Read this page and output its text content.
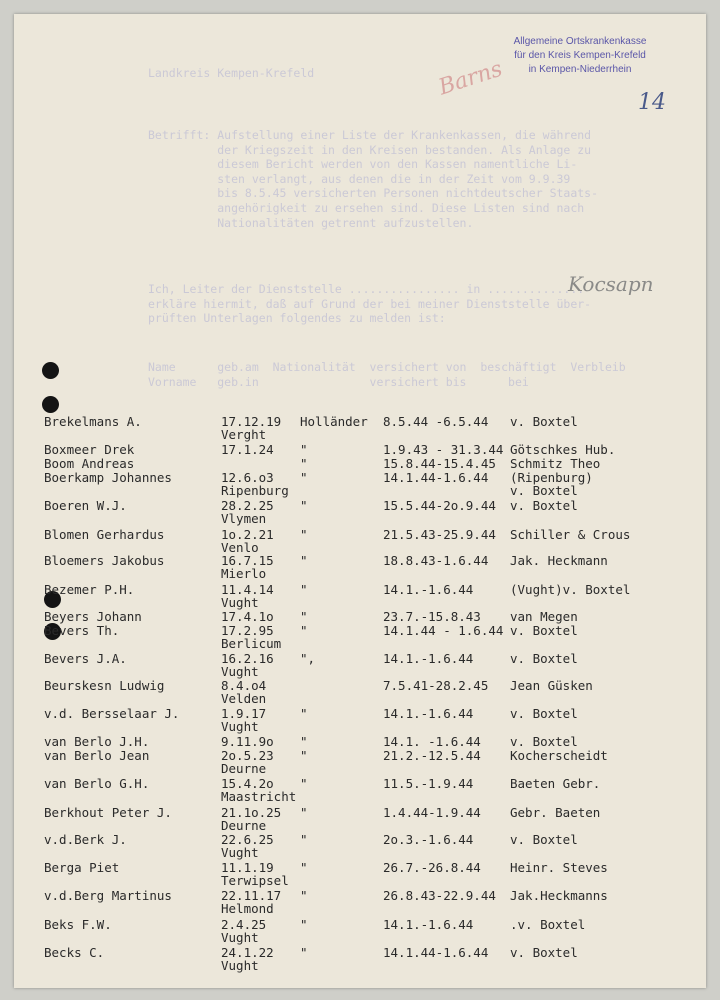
Allgemeine Ortskrankenkasse
für den Kreis Kempen-Krefeld
in Kempen-Niederrhein
14
Barns
Kocsapn
Landkreis Kempen-Krefeld
Betrifft: Aufstellung einer Liste der Krankenkassen, die während
der Kriegszeit in den Kreisen bestanden. Als Anlage zu
diesem Bericht werden von den Kassen namentliche Li-
sten verlangt, aus denen die in der Zeit vom 9.9.39
bis 8.5.45 versicherten Personen nichtdeutscher Staats-
angehörigkeit zu ersehen sind. Diese Listen sind nach
Nationalitäten getrennt aufzustellen.
Ich, Leiter der Dienststelle ................ in ..............
erkläre hiermit, daß auf Grund der bei meiner Dienststelle über-
prüften Unterlagen folgendes zu melden ist:
Name      geb.am  Nationalität  versichert von  beschäftigt  Verbleib
Vorname   geb.in                versichert bis      bei
Brekelmans A.	17.12.19
Verght
Holländer 8.5.44 -6.5.44 v. Boxtel
Boxmeer Drek	17.1.24 "	1.9.43 - 31.3.44 Götschkes Hub.
Boom Andreas	"	15.8.44-15.4.45 Schmitz Theo
Boerkamp Johannes	12.6.o3
Ripenburg
"	14.1.44-1.6.44 (Ripenburg)
v. Boxtel
Boeren W.J.	28.2.25
Vlymen
"	15.5.44-2o.9.44 v. Boxtel
Blomen Gerhardus	1o.2.21
Venlo
"	21.5.43-25.9.44 Schiller & Crous
Bloemers Jakobus	16.7.15
Mierlo
"	18.8.43-1.6.44 Jak. Heckmann
Bezemer P.H.	11.4.14
Vught
"	14.1.-1.6.44	(Vught)v. Boxtel
Beyers Johann	17.4.1o "	23.7.-15.8.43 van Megen
Bevers Th.	17.2.95
Berlicum
"	14.1.44 - 1.6.44 v. Boxtel
Bevers J.A.	16.2.16
Vught
",	14.1.-1.6.44	v. Boxtel
Beurskesn Ludwig	8.4.o4
Velden
7.5.41-28.2.45 Jean Güsken
v.d. Bersselaar J.	1.9.17
Vught
"	14.1.-1.6.44	v. Boxtel
van Berlo J.H.	9.11.9o "	14.1. -1.6.44 v. Boxtel
van Berlo Jean	2o.5.23
Deurne
"	21.2.-12.5.44 Kocherscheidt
van Berlo G.H.	15.4.2o
Maastricht
"	11.5.-1.9.44	Baeten Gebr.
Berkhout Peter J.	21.1o.25
Deurne
"	1.4.44-1.9.44 Gebr. Baeten
v.d.Berk J.	22.6.25
Vught
"	2o.3.-1.6.44	v. Boxtel
Berga Piet	11.1.19
Terwipsel
"	26.7.-26.8.44 Heinr. Steves
v.d.Berg Martinus	22.11.17
Helmond
"	26.8.43-22.9.44 Jak.Heckmanns
Beks F.W.	2.4.25
Vught
"	14.1.-1.6.44	.v. Boxtel
Becks C.	24.1.22
Vught
"	14.1.44-1.6.44 v. Boxtel
